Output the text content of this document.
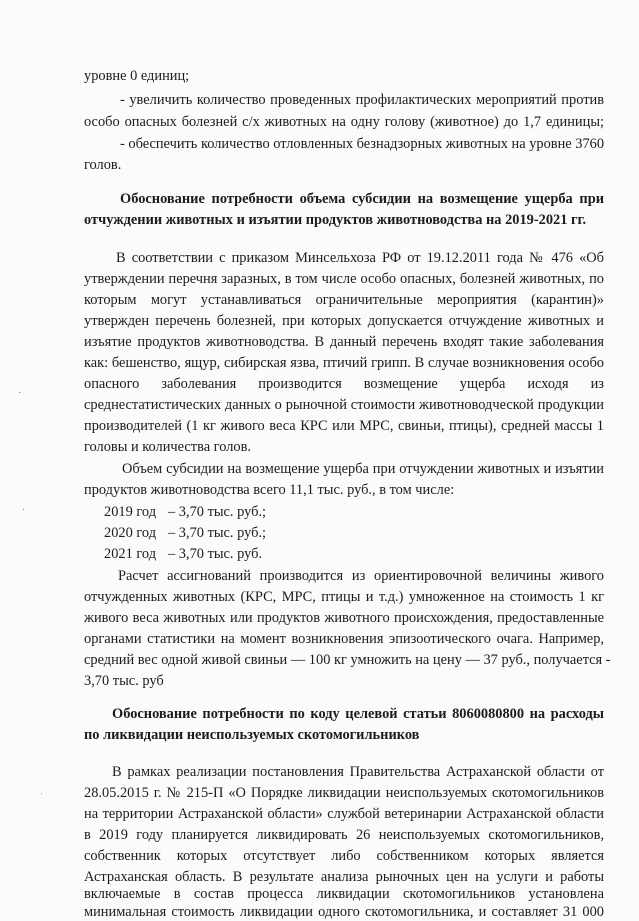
уровне 0 единиц;
- увеличить количество проведенных профилактических мероприятий против
особо опасных болезней с/х животных на одну голову (животное) до 1,7 единицы;
- обеспечить количество отловленных безнадзорных животных на уровне 3760
голов.
Обоснование потребности объема субсидии на возмещение ущерба при
отчуждении животных и изъятии продуктов животноводства на 2019-2021 гг.
В соответствии с приказом Минсельхоза РФ от 19.12.2011 года № 476 «Об
утверждении перечня заразных, в том числе особо опасных, болезней животных, по
которым могут устанавливаться ограничительные мероприятия (карантин)»
утвержден перечень болезней, при которых допускается отчуждение животных и
изъятие продуктов животноводства. В данный перечень входят такие заболевания
как: бешенство, ящур, сибирская язва, птичий грипп. В случае возникновения особо
опасного заболевания производится возмещение ущерба исходя из
среднестатистических данных о рыночной стоимости животноводческой продукции
производителей (1 кг живого веса КРС или МРС, свиньи, птицы), средней массы 1
головы и количества голов.
Объем субсидии на возмещение ущерба при отчуждении животных и изъятии
продуктов животноводства всего 11,1 тыс. руб., в том числе:
2019 год – 3,70 тыс. руб.;
2020 год – 3,70 тыс. руб.;
2021 год – 3,70 тыс. руб.
Расчет ассигнований производится из ориентировочной величины живого
отчужденных животных (КРС, МРС, птицы и т.д.) умноженное на стоимость 1 кг
живого веса животных или продуктов животного происхождения, предоставленные
органами статистики на момент возникновения эпизоотического очага. Например,
средний вес одной живой свиньи — 100 кг умножить на цену — 37 руб., получается -
3,70 тыс. руб
Обоснование потребности по коду целевой статьи 8060080800 на расходы
по ликвидации неиспользуемых скотомогильников
В рамках реализации постановления Правительства Астраханской области от
28.05.2015 г. № 215-П «О Порядке ликвидации неиспользуемых скотомогильников
на территории Астраханской области» службой ветеринарии Астраханской области
в 2019 году планируется ликвидировать 26 неиспользуемых скотомогильников,
собственник которых отсутствует либо собственником которых является
Астраханская область. В результате анализа рыночных цен на услуги и работы
включаемые в состав процесса ликвидации скотомогильников установлена
минимальная стоимость ликвидации одного скотомогильника, и составляет 31 000
·
·
ˈ
